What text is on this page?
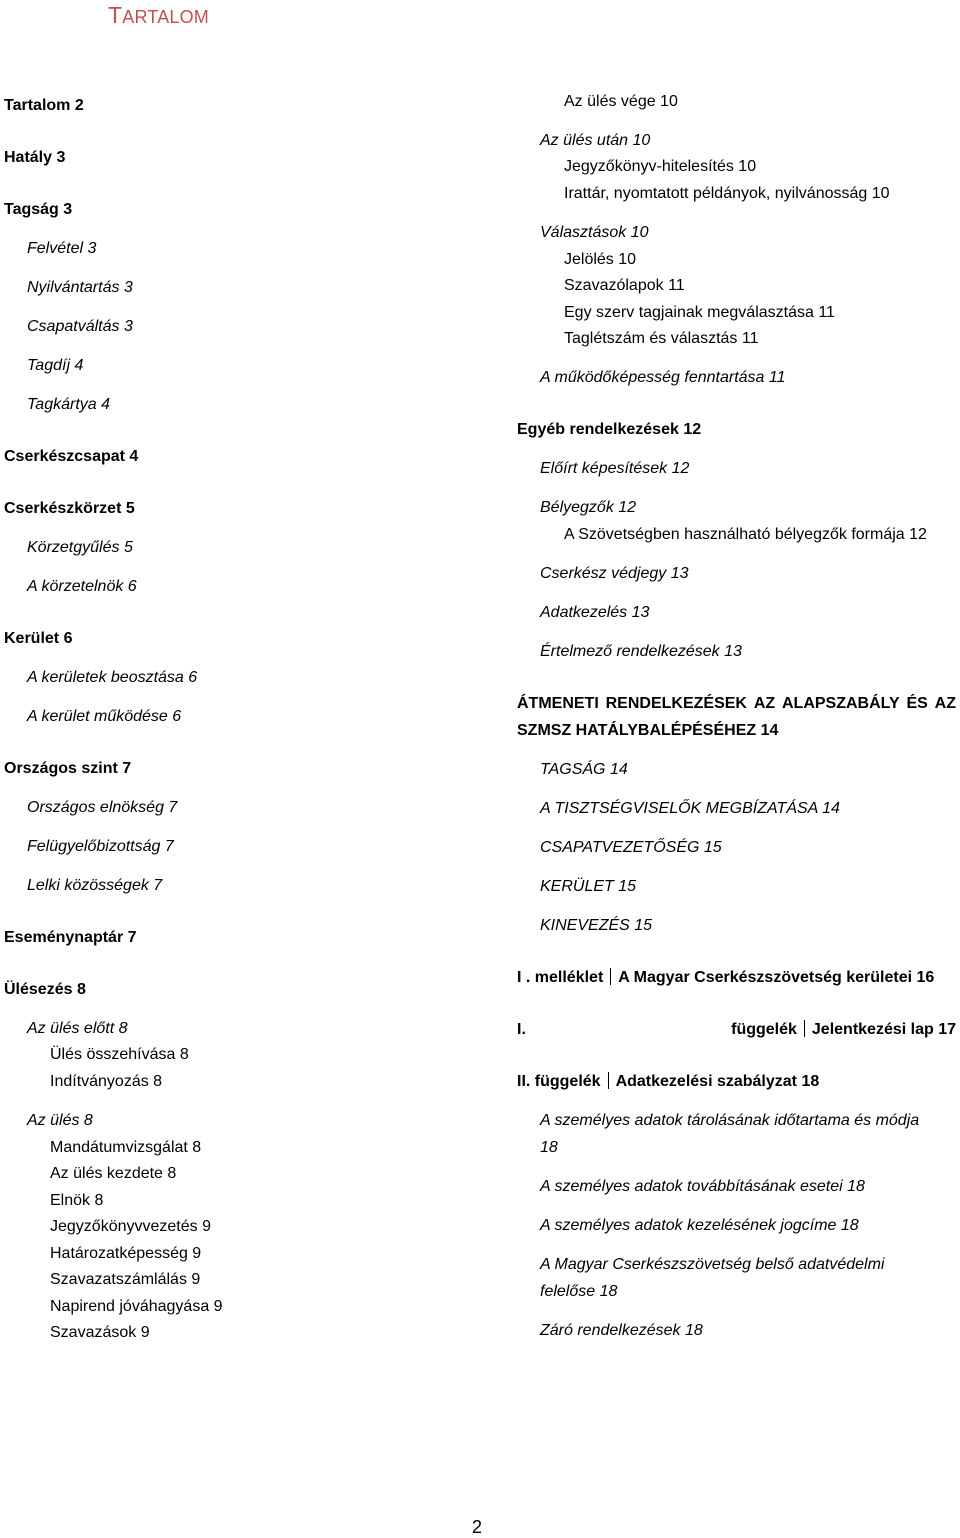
TARTALOM
Tartalom 2
Hatály 3
Tagság 3
Felvétel 3
Nyilvántartás 3
Csapatváltás 3
Tagdíj 4
Tagkártya 4
Cserkészcsapat 4
Cserkészkörzet 5
Körzetgyűlés 5
A körzetelnök 6
Kerület 6
A kerületek beosztása 6
A kerület működése 6
Országos szint 7
Országos elnökség 7
Felügyelőbizottság 7
Lelki közösségek 7
Eseménynaptár 7
Ülésezés 8
Az ülés előtt 8
Ülés összehívása 8
Indítványozás 8
Az ülés 8
Mandátumvizsgálat 8
Az ülés kezdete 8
Elnök 8
Jegyzőkönyvvezetés 9
Határozatképesség 9
Szavazatszámlálás 9
Napirend jóváhagyása 9
Szavazások 9
Az ülés vége 10
Az ülés után 10
Jegyzőkönyv-hitelesítés 10
Irattár, nyomtatott példányok, nyilvánosság 10
Választások 10
Jelölés 10
Szavazólapok 11
Egy szerv tagjainak megválasztása 11
Taglétszám és választás 11
A működőképesség fenntartása 11
Egyéb rendelkezések 12
Előírt képesítések 12
Bélyegzők 12
A Szövetségben használható bélyegzők formája 12
Cserkész védjegy 13
Adatkezelés 13
Értelmező rendelkezések 13
ÁTMENETI RENDELKEZÉSEK AZ ALAPSZABÁLY ÉS AZ
SZMSZ HATÁLYBALÉPÉSÉHEZ 14
TAGSÁG 14
A TISZTSÉGVISELŐK MEGBÍZATÁSA 14
CSAPATVEZETŐSÉG 15
KERÜLET 15
KINEVEZÉS 15
I . melléklet A Magyar Cserkészszövetség kerületei 16
I.	függelék Jelentkezési lap 17
II. függelék Adatkezelési szabályzat 18
A személyes adatok tárolásának időtartama és módja
18
A személyes adatok továbbításának esetei 18
A személyes adatok kezelésének jogcíme 18
A Magyar Cserkészszövetség belső adatvédelmi
felelőse 18
Záró rendelkezések 18
2
